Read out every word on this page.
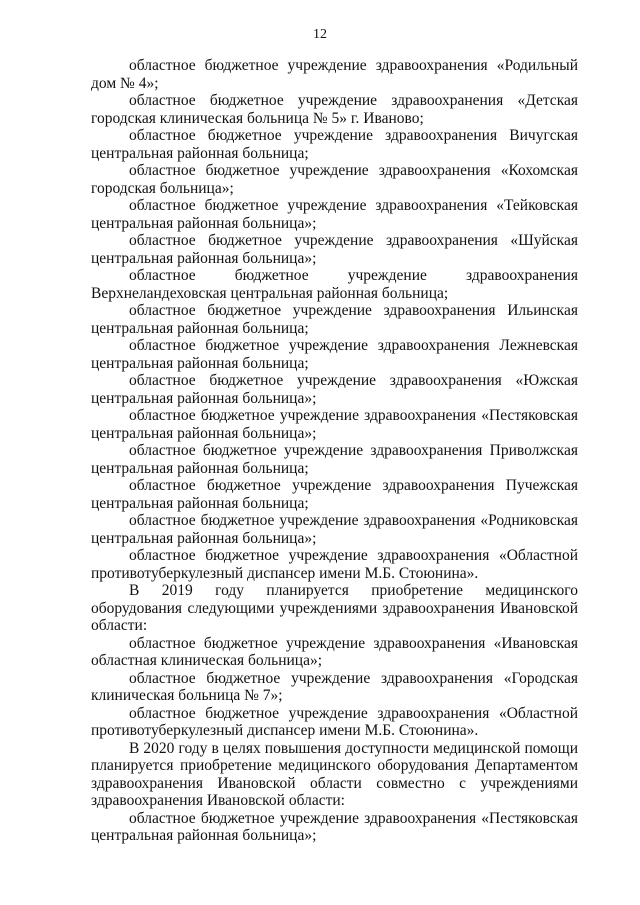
12

областное бюджетное учреждение здравоохранения «Родильный дом № 4»;

областное бюджетное учреждение здравоохранения «Детская городская клиническая больница № 5» г. Иваново;

областное бюджетное учреждение здравоохранения Вичугская центральная районная больница;

областное бюджетное учреждение здравоохранения «Кохомская городская больница»;

областное бюджетное учреждение здравоохранения «Тейковская центральная районная больница»;

областное бюджетное учреждение здравоохранения «Шуйская центральная районная больница»;

областное бюджетное учреждение здравоохранения Верхнеландеховская центральная районная больница;

областное бюджетное учреждение здравоохранения Ильинская центральная районная больница;

областное бюджетное учреждение здравоохранения Лежневская центральная районная больница;

областное бюджетное учреждение здравоохранения «Южская центральная районная больница»;

областное бюджетное учреждение здравоохранения «Пестяковская центральная районная больница»;

областное бюджетное учреждение здравоохранения Приволжская центральная районная больница;

областное бюджетное учреждение здравоохранения Пучежская центральная районная больница;

областное бюджетное учреждение здравоохранения «Родниковская центральная районная больница»;

областное бюджетное учреждение здравоохранения «Областной противотуберкулезный диспансер имени М.Б. Стоюнина».

В 2019 году планируется приобретение медицинского оборудования следующими учреждениями здравоохранения Ивановской области:

областное бюджетное учреждение здравоохранения «Ивановская областная клиническая больница»;

областное бюджетное учреждение здравоохранения «Городская клиническая больница № 7»;

областное бюджетное учреждение здравоохранения «Областной противотуберкулезный диспансер имени М.Б. Стоюнина».

В 2020 году в целях повышения доступности медицинской помощи планируется приобретение медицинского оборудования Департаментом здравоохранения Ивановской области совместно с учреждениями здравоохранения Ивановской области:

областное бюджетное учреждение здравоохранения «Пестяковская центральная районная больница»;
